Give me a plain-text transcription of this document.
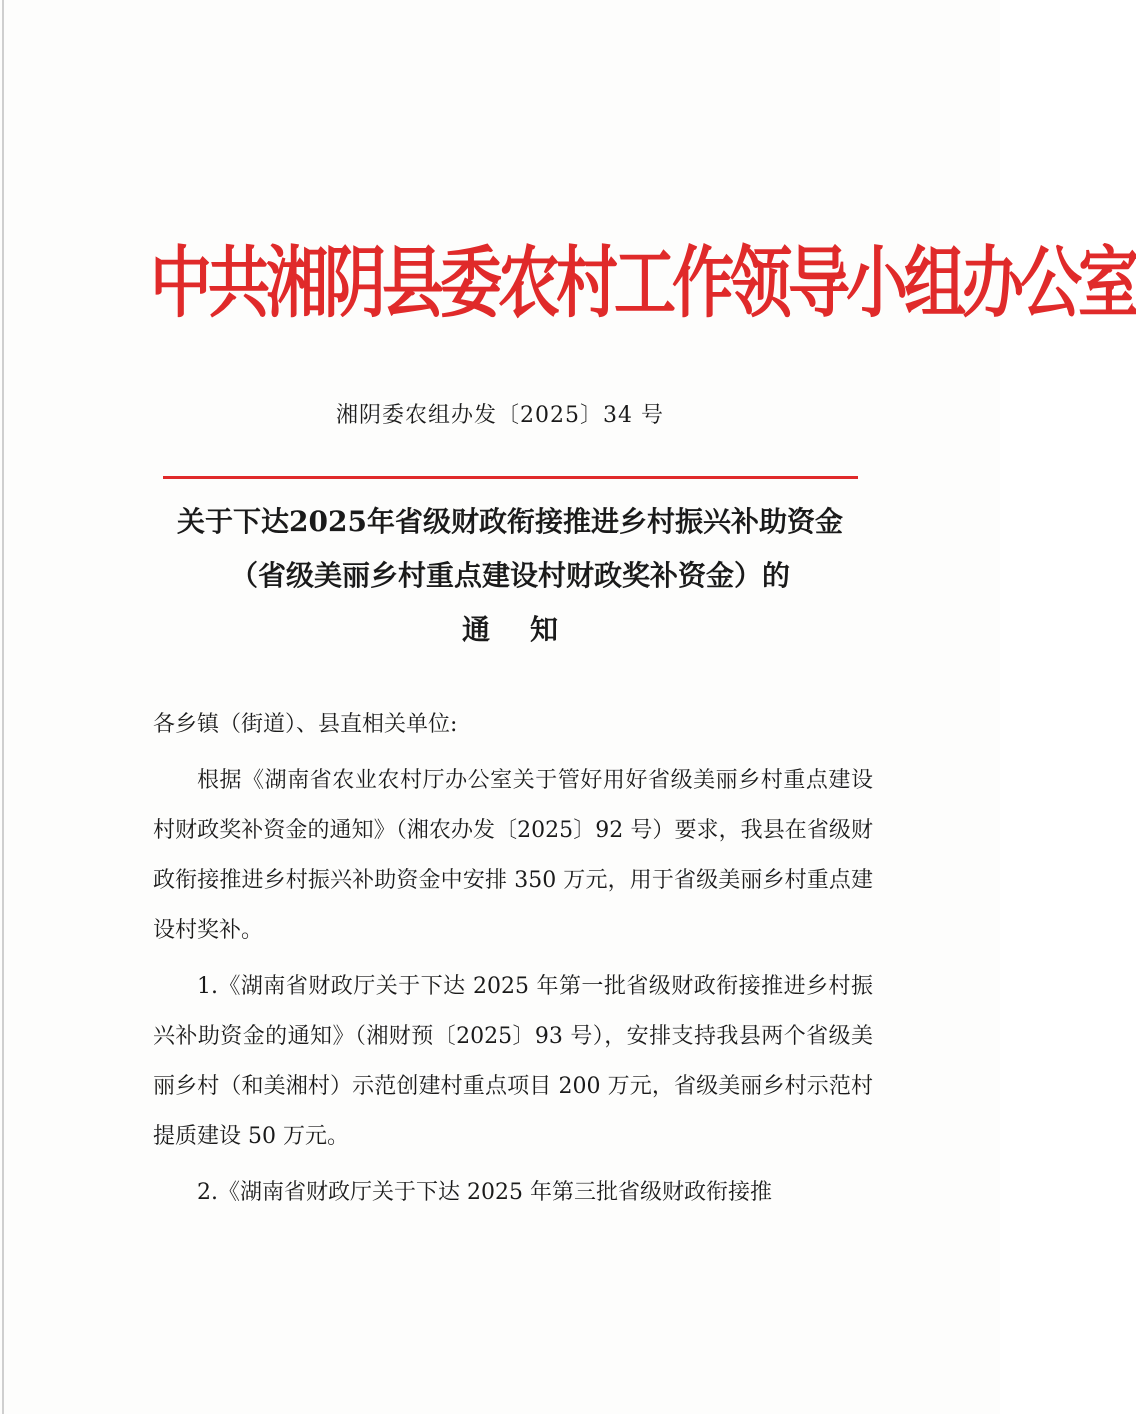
中共湘阴县委农村工作领导小组办公室
湘阴委农组办发〔2025〕34 号
关于下达2025年省级财政衔接推进乡村振兴补助资金
（省级美丽乡村重点建设村财政奖补资金）的
通知

各乡镇（街道）、县直相关单位:

根据《湖南省农业农村厅办公室关于管好用好省级美丽乡村重点建设村财政奖补资金的通知》（湘农办发〔2025〕92 号）要求，我县在省级财政衔接推进乡村振兴补助资金中安排 350 万元，用于省级美丽乡村重点建设村奖补。

1.《湖南省财政厅关于下达 2025 年第一批省级财政衔接推进乡村振兴补助资金的通知》（湘财预〔2025〕93 号），安排支持我县两个省级美丽乡村（和美湘村）示范创建村重点项目 200 万元，省级美丽乡村示范村提质建设 50 万元。

2.《湖南省财政厅关于下达 2025 年第三批省级财政衔接推
